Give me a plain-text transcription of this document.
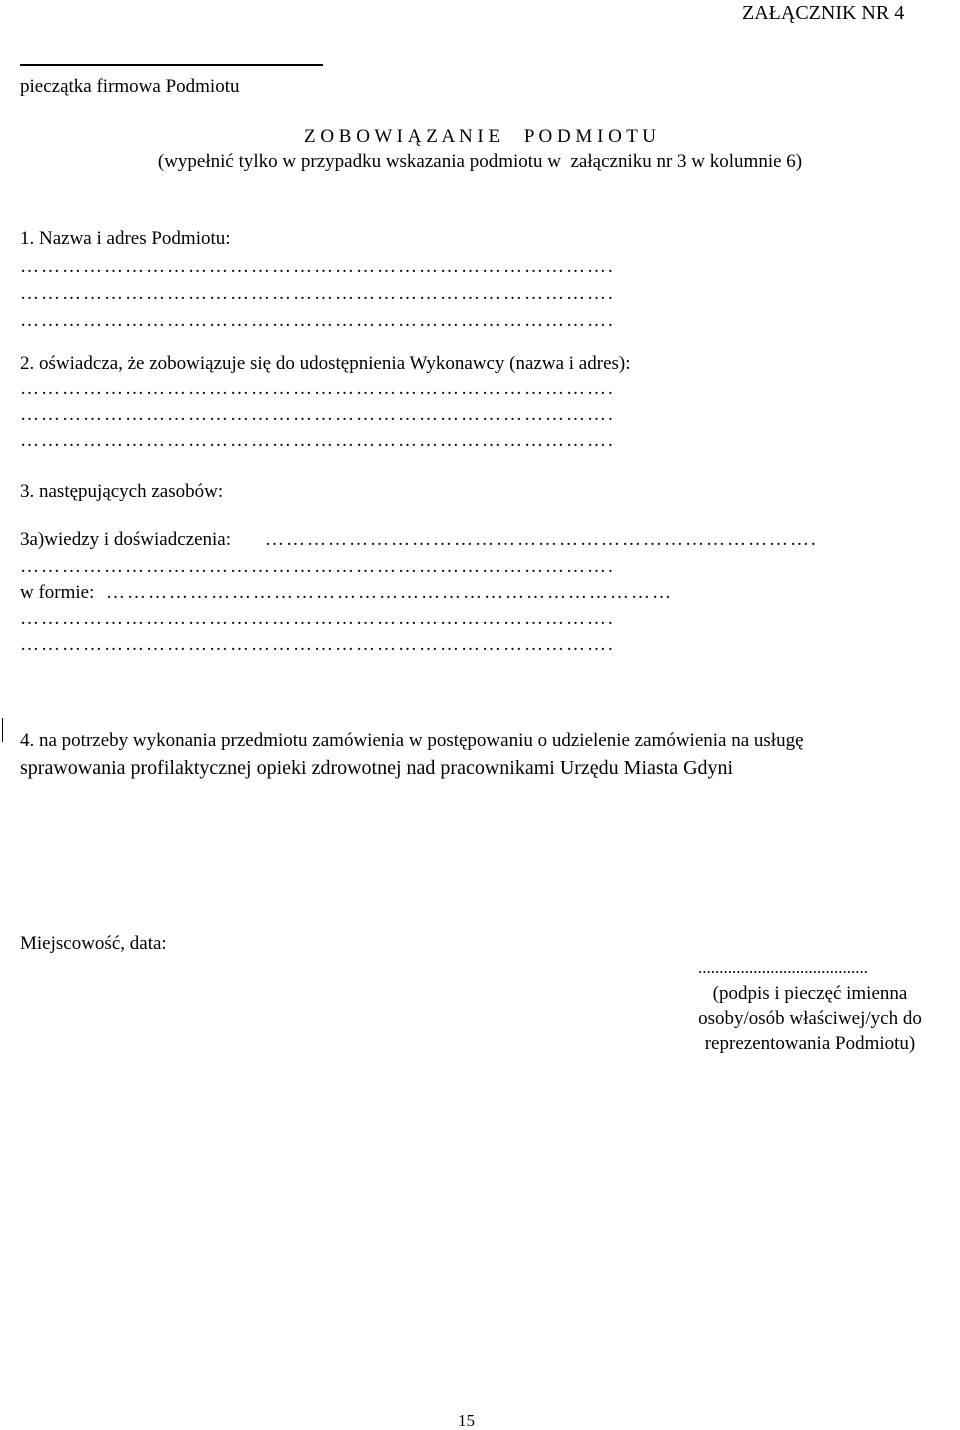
ZAŁĄCZNIK NR 4
pieczątka firmowa Podmiotu
Z O B O W I Ą Z A N I E     P O D M I O T U
(wypełnić tylko w przypadku wskazania podmiotu w  załączniku nr 3 w kolumnie 6)
1. Nazwa i adres Podmiotu:
………………………………………………………………………….
………………………………………………………………………….
………………………………………………………………………….
2. oświadcza, że zobowiązuje się do udostępnienia Wykonawcy (nazwa i adres):
………………………………………………………………………….
………………………………………………………………………….
………………………………………………………………………….
3. następujących zasobów:
3a)wiedzy i doświadczenia: …………………………………………………………………….
………………………………………………………………………….
w formie: ………………………………………………………………………
………………………………………………………………………….
………………………………………………………………………….
4. na potrzeby wykonania przedmiotu zamówienia w postępowaniu o udzielenie zamówienia na usługę
sprawowania profilaktycznej opieki zdrowotnej nad pracownikami Urzędu Miasta Gdyni
Miejscowość, data:
........................................
(podpis i pieczęć imienna
osoby/osób właściwej/ych do
reprezentowania Podmiotu)
15
